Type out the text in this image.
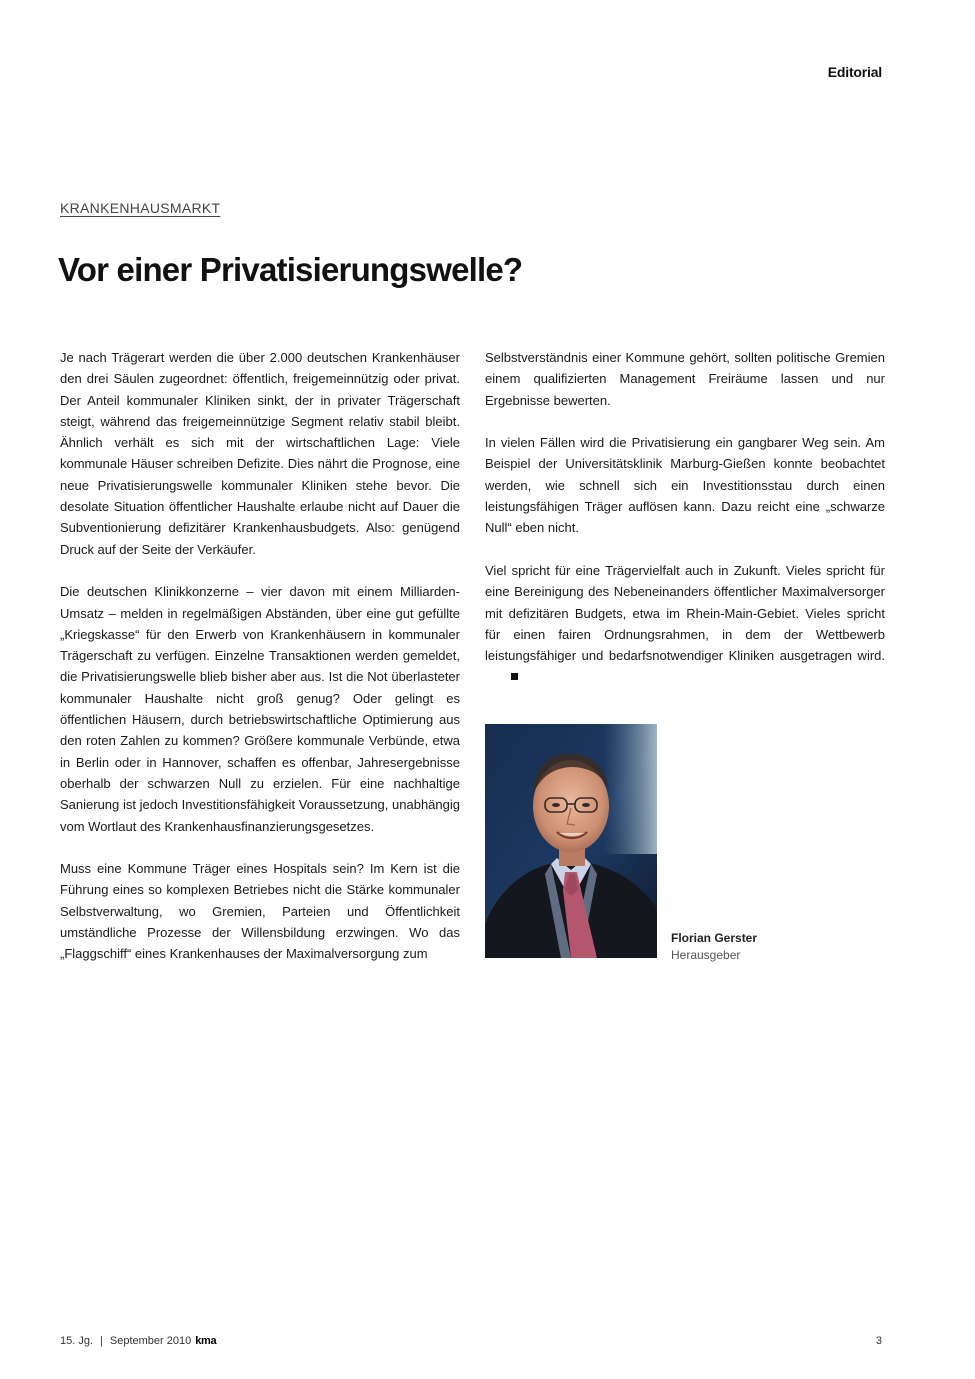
Editorial
KRANKENHAUSMARKT
Vor einer Privatisierungswelle?

Je nach Trägerart werden die über 2.000 deutschen Krankenhäuser den drei Säulen zugeordnet: öffentlich, freigemeinnützig oder privat. Der Anteil kommunaler Kliniken sinkt, der in privater Trägerschaft steigt, während das freigemeinnützige Segment relativ stabil bleibt. Ähnlich verhält es sich mit der wirtschaftlichen Lage: Viele kommunale Häuser schreiben Defizite. Dies nährt die Prognose, eine neue Privatisierungswelle kommunaler Kliniken stehe bevor. Die desolate Situation öffentlicher Haushalte erlaube nicht auf Dauer die Subventionierung defizitärer Krankenhausbudgets. Also: genügend Druck auf der Seite der Verkäufer.

Die deutschen Klinikkonzerne – vier davon mit einem Milliarden-Umsatz – melden in regelmäßigen Abständen, über eine gut gefüllte „Kriegskasse“ für den Erwerb von Krankenhäusern in kommunaler Trägerschaft zu verfügen. Einzelne Transaktionen werden gemeldet, die Privatisierungswelle blieb bisher aber aus. Ist die Not überlasteter kommunaler Haushalte nicht groß genug? Oder gelingt es öffentlichen Häusern, durch betriebswirtschaftliche Optimierung aus den roten Zahlen zu kommen? Größere kommunale Verbünde, etwa in Berlin oder in Hannover, schaffen es offenbar, Jahresergebnisse oberhalb der schwarzen Null zu erzielen. Für eine nachhaltige Sanierung ist jedoch Investitionsfähigkeit Voraussetzung, unabhängig vom Wortlaut des Krankenhausfinanzierungsgesetzes.

Muss eine Kommune Träger eines Hospitals sein? Im Kern ist die Führung eines so komplexen Betriebes nicht die Stärke kommunaler Selbstverwaltung, wo Gremien, Parteien und Öffentlichkeit umständliche Prozesse der Willensbildung erzwingen. Wo das „Flaggschiff“ eines Krankenhauses der Maximalversorgung zum

Selbstverständnis einer Kommune gehört, sollten politische Gremien einem qualifizierten Management Freiräume lassen und nur Ergebnisse bewerten.

In vielen Fällen wird die Privatisierung ein gangbarer Weg sein. Am Beispiel der Universitätsklinik Marburg-Gießen konnte beobachtet werden, wie schnell sich ein Investitionsstau durch einen leistungsfähigen Träger auflösen kann. Dazu reicht eine „schwarze Null“ eben nicht.

Viel spricht für eine Trägervielfalt auch in Zukunft. Vieles spricht für eine Bereinigung des Nebeneinanders öffentlicher Maximalversorger mit defizitären Budgets, etwa im Rhein-Main-Gebiet. Vieles spricht für einen fairen Ordnungsrahmen, in dem der Wettbewerb leistungsfähiger und bedarfsnotwendiger Kliniken ausgetragen wird.

Florian Gerster
Herausgeber
15. Jg. | September 2010 kma	3
